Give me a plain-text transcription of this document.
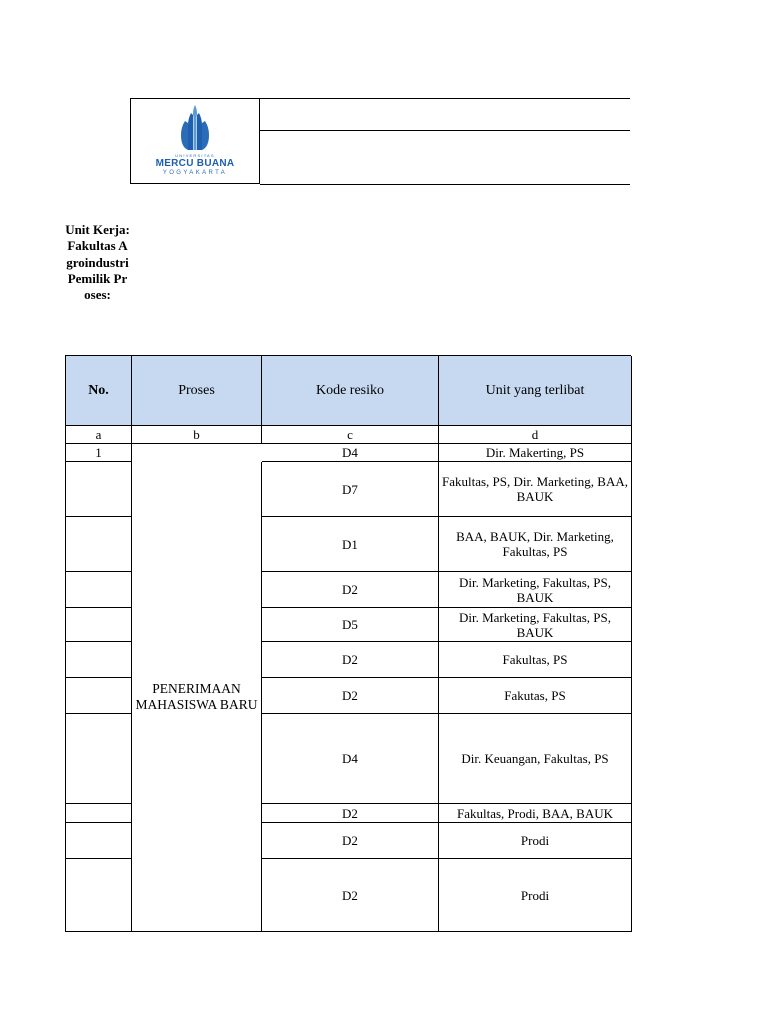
UNIVERSITAS
MERCU BUANA
YOGYAKARTA
Unit Kerja: Fakultas Agroindustri Pemilik Proses:
No.	Proses	Kode resiko	Unit yang terlibat
a	b	c	d
PENERIMAAN MAHASISWA BARU
1	D4	Dir. Makerting, PS
D7	Fakultas, PS, Dir. Marketing, BAA, BAUK
D1	BAA, BAUK, Dir. Marketing, Fakultas, PS
D2	Dir. Marketing, Fakultas, PS, BAUK
D5	Dir. Marketing, Fakultas, PS, BAUK
D2	Fakultas, PS
D2	Fakutas, PS
D4	Dir. Keuangan, Fakultas, PS
D2	Fakultas, Prodi, BAA, BAUK
D2	Prodi
D2	Prodi
